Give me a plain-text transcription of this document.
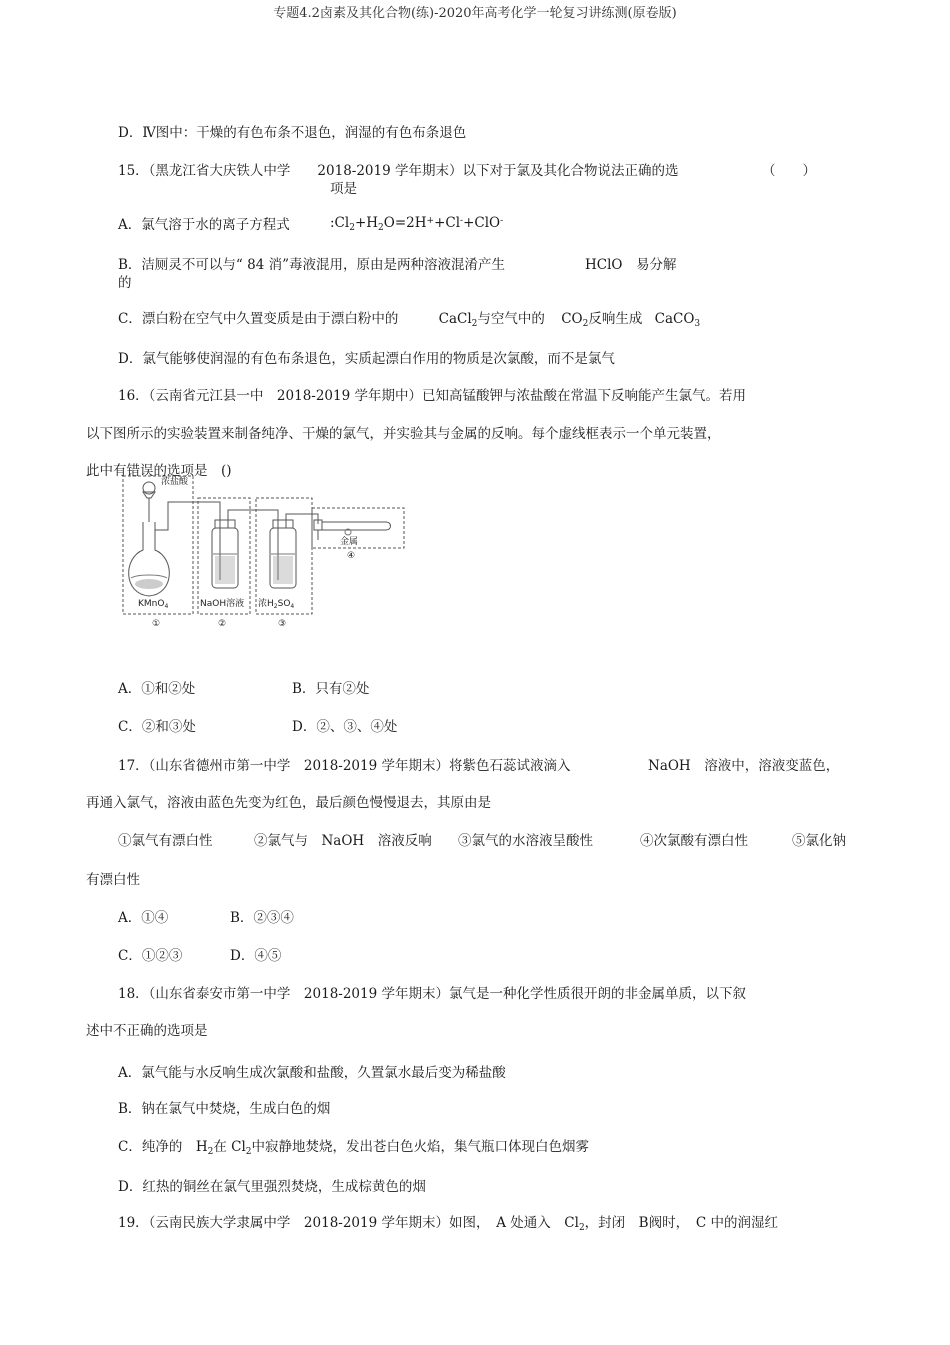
专题4.2卤素及其化合物(练)-2020年高考化学一轮复习讲练测(原卷版)
D．Ⅳ图中：干燥的有色布条不退色，润湿的有色布条退色
15．（黑龙江省大庆铁人中学　　2018-2019 学年期末）以下对于氯及其化合物说法正确的选	（　　）
项是
A．氯气溶于水的离子方程式	$:Cl_2+H_2O=2H^++Cl^-+ClO^-$
B．洁厕灵不可以与“ 84 消”毒液混用，原由是两种溶液混淆产生	HClO　易分解
的
C．漂白粉在空气中久置变质是由于漂白粉中的	CaCl$_2$与空气中的 $CO_2$反响生成 CaCO$_3$
D．氯气能够使润湿的有色布条退色，实质起漂白作用的物质是次氯酸，而不是氯气
16．（云南省元江县一中　2018-2019 学年期中）已知高锰酸钾与浓盐酸在常温下反响能产生氯气。若用
以下图所示的实验装置来制备纯净、干燥的氯气，并实验其与金属的反响。每个虚线框表示一个单元装置，
此中有错误的选项是　()
浓盐酸
KMnO$_4$	NaOH溶液 浓$H_2SO_4$
金属
①	②	③
④
A．①和②处	B．只有②处
C．②和③处	D．②、③、④处
17．（山东省德州市第一中学　2018-2019 学年期末）将紫色石蕊试液滴入	NaOH　溶液中，溶液变蓝色，
再通入氯气，溶液由蓝色先变为红色，最后颜色慢慢退去，其原由是
①氯气有漂白性	②氯气与　NaOH　溶液反响 ③氯气的水溶液呈酸性	④次氯酸有漂白性	⑤氯化钠
有漂白性
A．①④	B．②③④
C．①②③	D．④⑤
18．（山东省泰安市第一中学　2018-2019 学年期末）氯气是一种化学性质很开朗的非金属单质，以下叙
述中不正确的选项是
A．氯气能与水反响生成次氯酸和盐酸，久置氯水最后变为稀盐酸
B．钠在氯气中焚烧，生成白色的烟
C．纯净的　$H_2$在 $Cl_2$中寂静地焚烧，发出苍白色火焰，集气瓶口体现白色烟雾
D．红热的铜丝在氯气里强烈焚烧，生成棕黄色的烟
19．（云南民族大学隶属中学　2018-2019 学年期末）如图，　A 处通入　$Cl_2$，封闭　B阀时，　C 中的润湿红
